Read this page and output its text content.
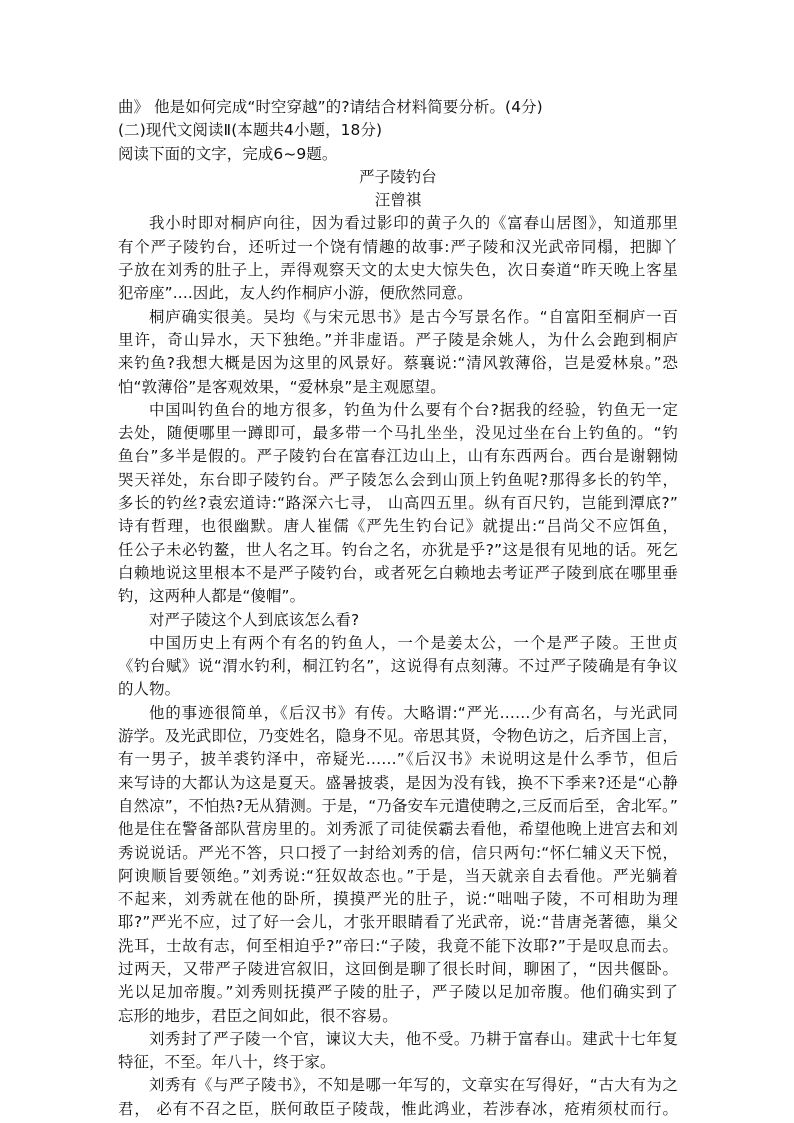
曲》 他是如何完成“时空穿越”的?请结合材料简要分析。(4分)

(二)现代文阅读Ⅱ(本题共4小题，18分)

阅读下面的文字，完成6~9题。

严子陵钓台

汪曾祺

我小时即对桐庐向往，因为看过影印的黄子久的《富春山居图》，知道那里

有个严子陵钓台，还听过一个饶有情趣的故事:严子陵和汉光武帝同榻，把脚丫

子放在刘秀的肚子上，弄得观察天文的太史大惊失色，次日奏道“昨天晚上客星

犯帝座”....因此，友人约作桐庐小游，便欣然同意。

桐庐确实很美。吴均《与宋元思书》是古今写景名作。“自富阳至桐庐一百

里许，奇山异水，天下独绝。”并非虚语。严子陵是余姚人，为什么会跑到桐庐

来钓鱼?我想大概是因为这里的风景好。蔡襄说:“清风敦薄俗，岂是爱林泉。”恐

怕“敦薄俗”是客观效果，“爱林泉”是主观愿望。

中国叫钓鱼台的地方很多，钓鱼为什么要有个台?据我的经验，钓鱼无一定

去处，随便哪里一蹲即可，最多带一个马扎坐坐，没见过坐在台上钓鱼的。“钓

鱼台”多半是假的。严子陵钓台在富春江边山上，山有东西两台。西台是谢翱恸

哭天祥处，东台即子陵钓台。严子陵怎么会到山顶上钓鱼呢?那得多长的钓竿，

多长的钓丝?袁宏道诗:“路深六七寻， 山高四五里。纵有百尺钓，岂能到潭底?”

诗有哲理，也很幽默。唐人崔儒《严先生钓台记》就提出:“吕尚父不应饵鱼，

任公子未必钓鳌，世人名之耳。钓台之名，亦犹是乎?”这是很有见地的话。死乞

白赖地说这里根本不是严子陵钓台，或者死乞白赖地去考证严子陵到底在哪里垂

钓，这两种人都是“傻帽”。

对严子陵这个人到底该怎么看?

中国历史上有两个有名的钓鱼人，一个是姜太公，一个是严子陵。王世贞

《钓台赋》说“渭水钓利，桐江钓名”，这说得有点刻薄。不过严子陵确是有争议

的人物。

他的事迹很简单，《后汉书》有传。大略谓:“严光……少有高名，与光武同

游学。及光武即位，乃变姓名，隐身不见。帝思其贤，令物色访之，后齐国上言，

有一男子，披羊裘钓泽中，帝疑光……”《后汉书》未说明这是什么季节，但后

来写诗的大都认为这是夏天。盛暑披裘，是因为没有钱，换不下季来?还是“心静

自然凉”，不怕热?无从猜测。于是，“乃备安车元遣使聘之,三反而后至，舍北军。”

他是住在警备部队营房里的。刘秀派了司徒侯霸去看他，希望他晚上进宫去和刘

秀说说话。严光不答，只口授了一封给刘秀的信，信只两句:“怀仁辅义天下悦，

阿谀顺旨要领绝。”刘秀说:“狂奴故态也。”于是，当天就亲自去看他。严光躺着

不起来，刘秀就在他的卧所，摸摸严光的肚子，说:“咄咄子陵，不可相助为理

耶?”严光不应，过了好一会儿，才张开眼睛看了光武帝，说:“昔唐尧著德，巢父

洗耳，士故有志，何至相迫乎?”帝曰:“子陵，我竟不能下汝耶?”于是叹息而去。

过两天，又带严子陵进宫叙旧，这回倒是聊了很长时间，聊困了，“因共偃卧。

光以足加帝腹。”刘秀则抚摸严子陵的肚子，严子陵以足加帝腹。他们确实到了

忘形的地步，君臣之间如此，很不容易。

刘秀封了严子陵一个官，谏议大夫，他不受。乃耕于富春山。建武十七年复

特征，不至。年八十，终于家。

刘秀有《与严子陵书》，不知是哪一年写的，文章实在写得好，“古大有为之

君， 必有不召之臣，朕何敢臣子陵哉，惟此鸿业，若涉春冰，疮痏须杖而行。
